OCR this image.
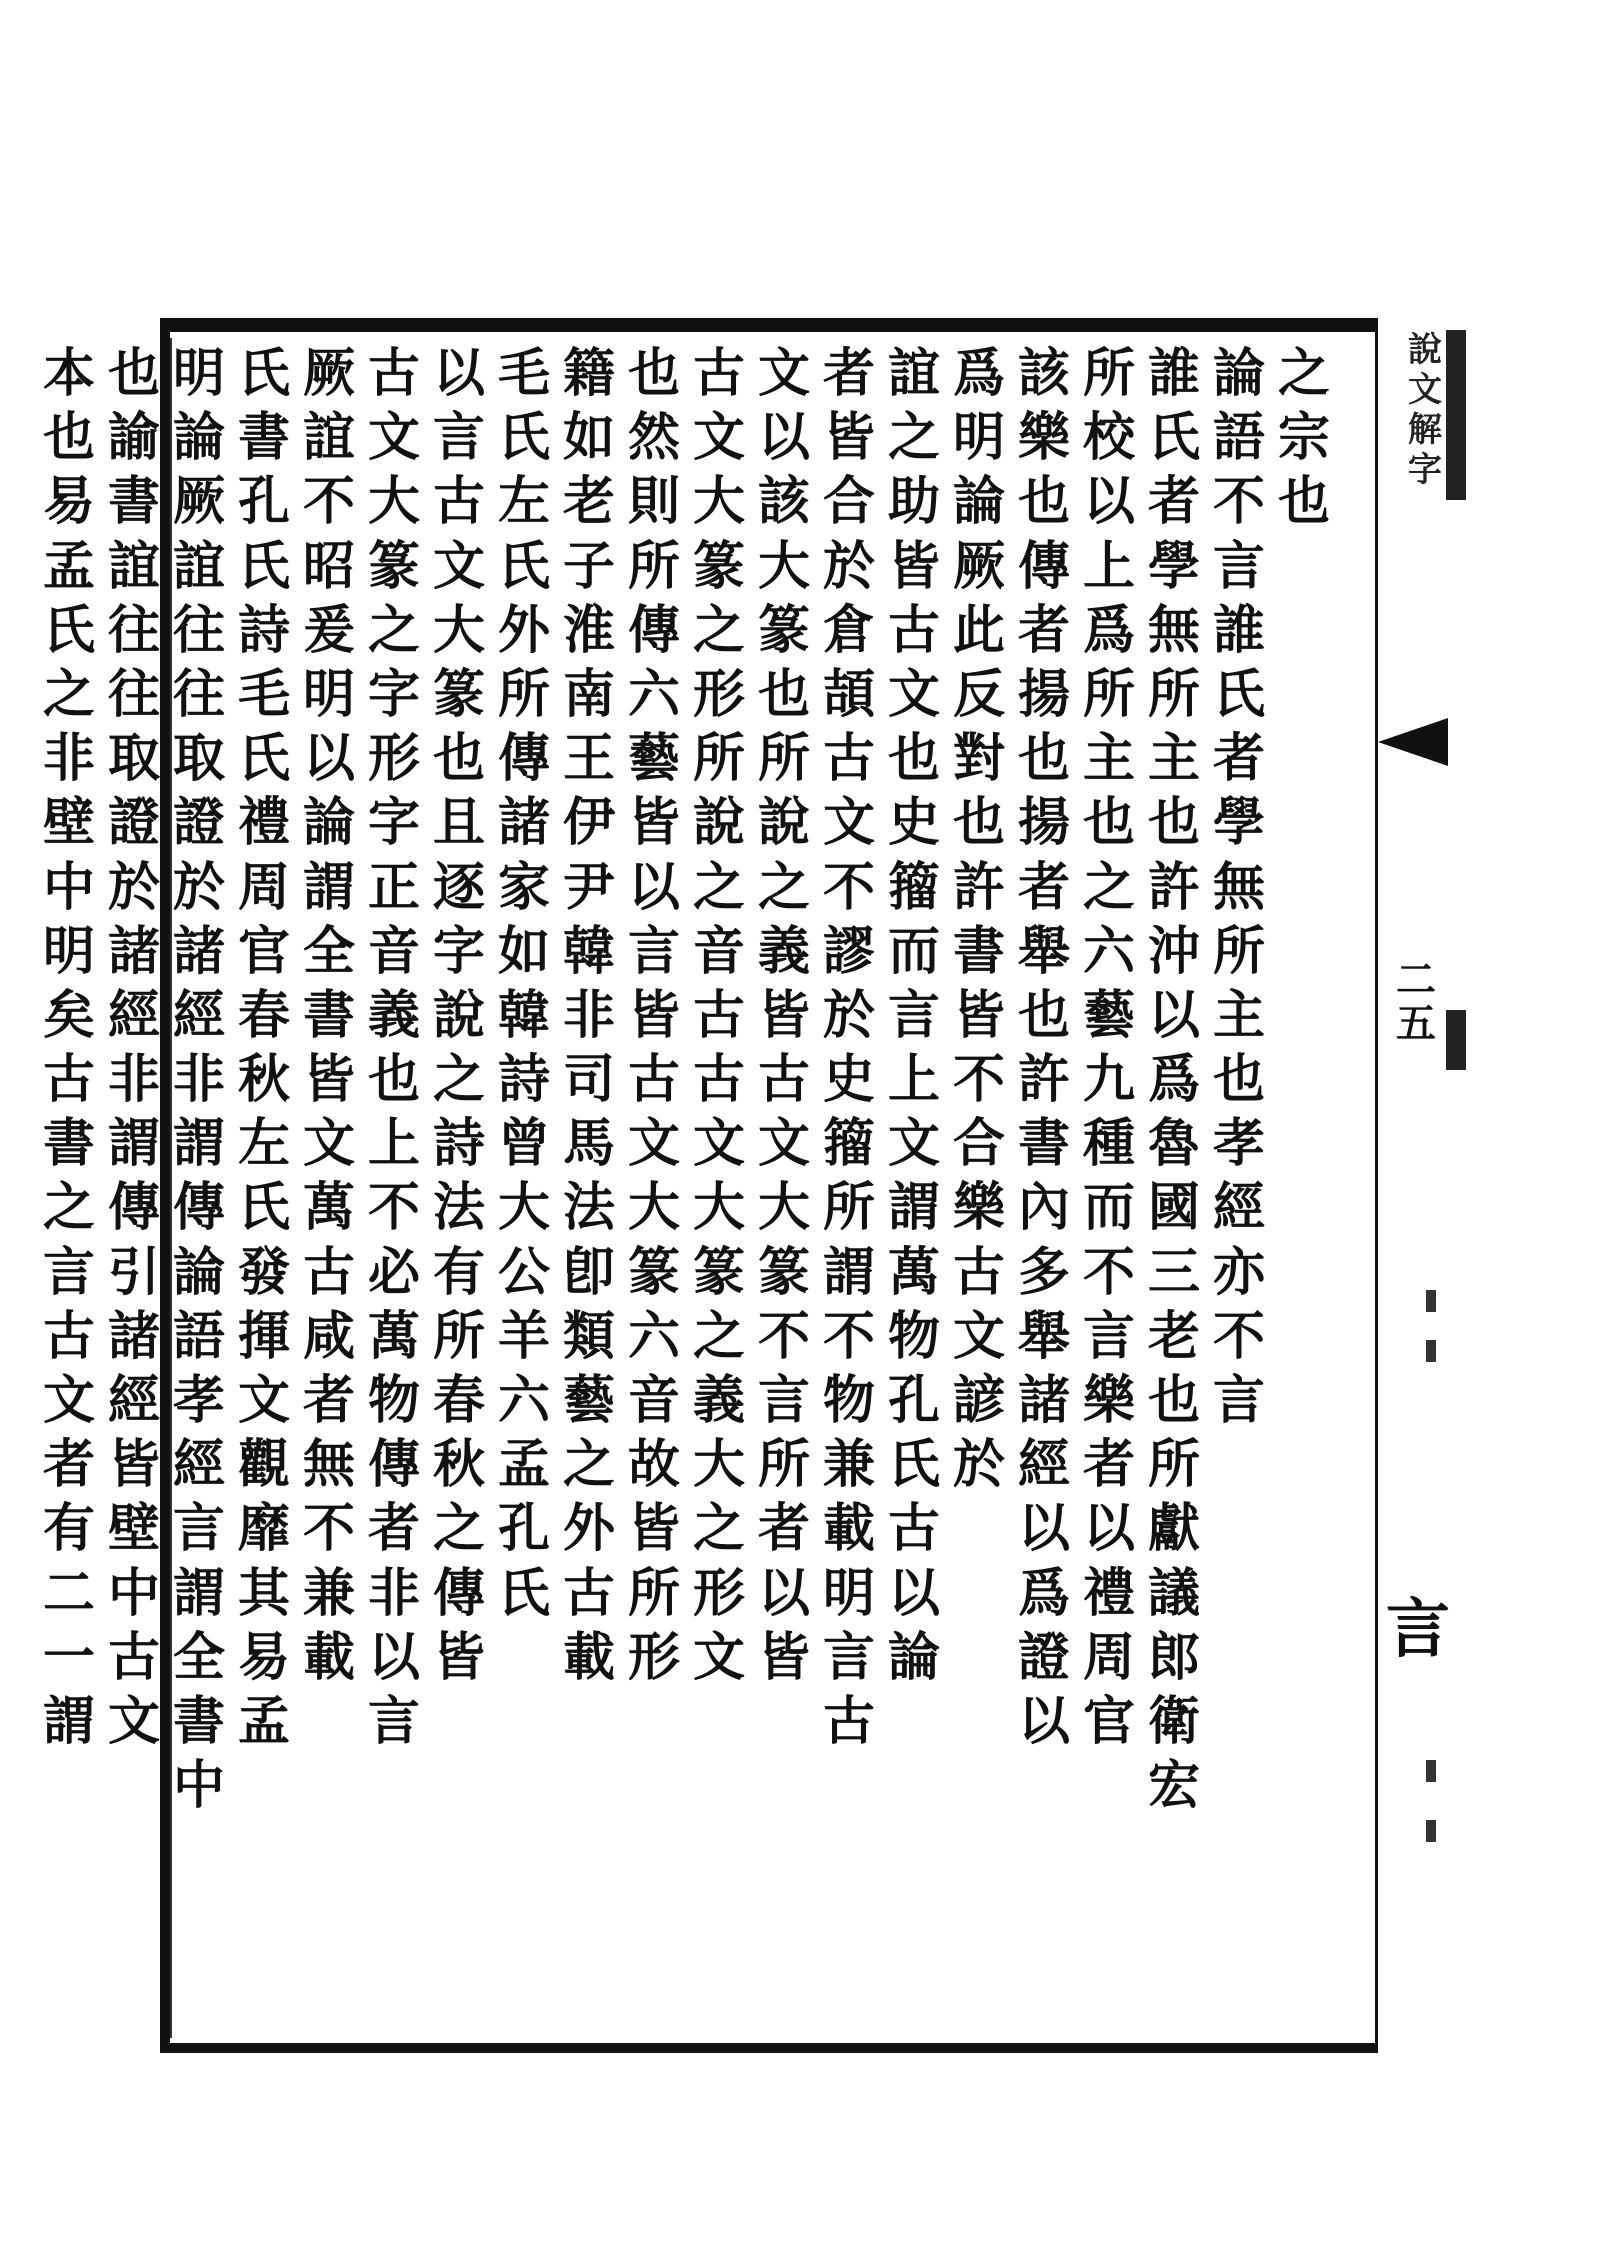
之
宗
也
論
語
不
言
誰
氏
者
學
無
所
主
也
孝
經
亦
不
言
誰
氏
者
學
無
所
主
也
許
沖
以
爲
魯
國
三
老
也
所
獻
議
郎
衛
宏
所
校
以
上
爲
所
主
也
之
六
藝
九
種
而
不
言
樂
者
以
禮
周
官
該
樂
也
傳
者
揚
也
揚
者
舉
也
許
書
內
多
舉
諸
經
以
爲
證
以
爲
明
論
厥
此
反
對
也
許
書
皆
不
合
樂
古
文
諺
於
誼
之
助
皆
古
文
也
史
籀
而
言
上
文
謂
萬
物
孔
氏
古
以
論
者
皆
合
於
倉
頡
古
文
不
謬
於
史
籀
所
謂
不
物
兼
載
明
言
古
文
以
該
大
篆
也
所
說
之
義
皆
古
文
大
篆
不
言
所
者
以
皆
古
文
大
篆
之
形
所
說
之
音
古
古
文
大
篆
之
義
大
之
形
文
也
然
則
所
傳
六
藝
皆
以
言
皆
古
文
大
篆
六
音
故
皆
所
形
籍
如
老
子
淮
南
王
伊
尹
韓
非
司
馬
法
卽
類
藝
之
外
古
載
毛
氏
左
氏
外
所
傳
諸
家
如
韓
詩
曾
大
公
羊
六
孟
孔
氏
以
言
古
文
大
篆
也
且
逐
字
說
之
詩
法
有
所
春
秋
之
傳
皆
古
文
大
篆
之
字
形
字
正
音
義
也
上
不
必
萬
物
傳
者
非
以
言
厥
誼
不
昭
爰
明
以
論
謂
全
書
皆
文
萬
古
咸
者
無
不
兼
載
氏
書
孔
氏
詩
毛
氏
禮
周
官
春
秋
左
氏
發
揮
文
觀
靡
其
易
孟
明
論
厥
誼
往
往
取
證
於
諸
經
非
謂
傳
論
語
孝
經
言
謂
全
書
中
也
諭
書
誼
往
往
取
證
於
諸
經
非
謂
傳
引
諸
經
皆
壁
中
古
文
本
也
易
孟
氏
之
非
壁
中
明
矣
古
書
之
言
古
文
者
有
二
一
謂
說
文
解
字
二
五
言
